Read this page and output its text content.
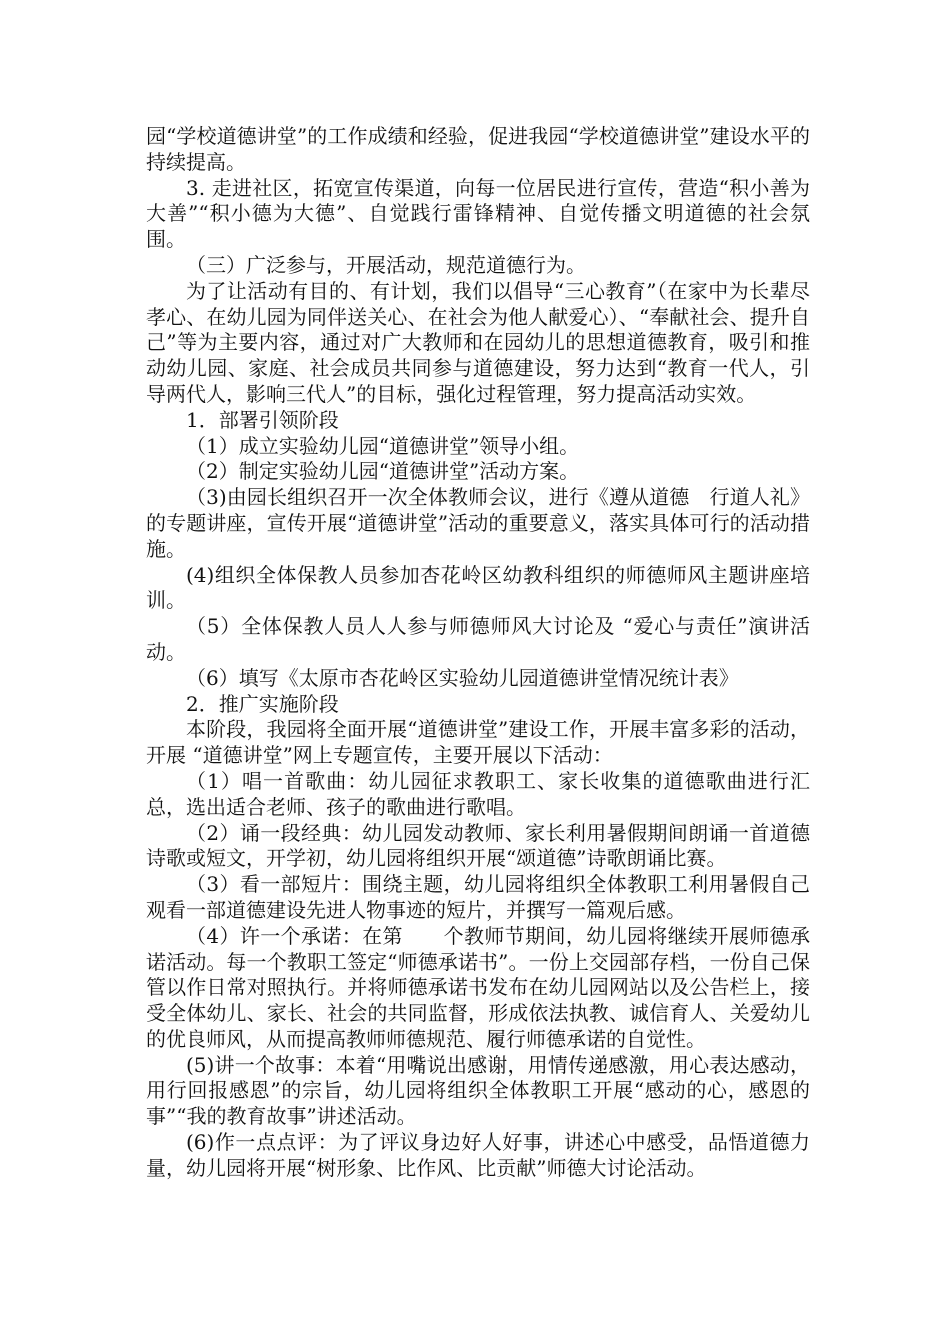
园“学校道德讲堂”的工作成绩和经验，促进我园“学校道德讲堂”建设水平的持续提高。

3. 走进社区，拓宽宣传渠道，向每一位居民进行宣传，营造“积小善为大善”“积小德为大德”、自觉践行雷锋精神、自觉传播文明道德的社会氛围。

（三）广泛参与，开展活动，规范道德行为。

为了让活动有目的、有计划，我们以倡导“三心教育”（在家中为长辈尽孝心、在幼儿园为同伴送关心、在社会为他人献爱心）、“奉献社会、提升自己”等为主要内容，通过对广大教师和在园幼儿的思想道德教育，吸引和推动幼儿园、家庭、社会成员共同参与道德建设，努力达到“教育一代人，引导两代人，影响三代人”的目标，强化过程管理，努力提高活动实效。

1．部署引领阶段

（1）成立实验幼儿园“道德讲堂”领导小组。

（2）制定实验幼儿园“道德讲堂”活动方案。

（3)由园长组织召开一次全体教师会议，进行《遵从道德　行道人礼》的专题讲座，宣传开展“道德讲堂”活动的重要意义，落实具体可行的活动措施。

(4)组织全体保教人员参加杏花岭区幼教科组织的师德师风主题讲座培训。

（5）全体保教人员人人参与师德师风大讨论及 “爱心与责任”演讲活动。

（6）填写《太原市杏花岭区实验幼儿园道德讲堂情况统计表》

2．推广实施阶段

本阶段，我园将全面开展“道德讲堂”建设工作，开展丰富多彩的活动，开展 “道德讲堂”网上专题宣传，主要开展以下活动：

（1）唱一首歌曲：幼儿园征求教职工、家长收集的道德歌曲进行汇总，选出适合老师、孩子的歌曲进行歌唱。

（2）诵一段经典：幼儿园发动教师、家长利用暑假期间朗诵一首道德诗歌或短文，开学初，幼儿园将组织开展“颂道德”诗歌朗诵比赛。

（3）看一部短片：围绕主题，幼儿园将组织全体教职工利用暑假自己观看一部道德建设先进人物事迹的短片，并撰写一篇观后感。

（4）许一个承诺：在第　　个教师节期间，幼儿园将继续开展师德承诺活动。每一个教职工签定“师德承诺书”。一份上交园部存档，一份自己保管以作日常对照执行。并将师德承诺书发布在幼儿园网站以及公告栏上，接受全体幼儿、家长、社会的共同监督，形成依法执教、诚信育人、关爱幼儿的优良师风，从而提高教师师德规范、履行师德承诺的自觉性。

(5)讲一个故事：本着“用嘴说出感谢，用情传递感激，用心表达感动，用行回报感恩”的宗旨，幼儿园将组织全体教职工开展“感动的心，感恩的事”“我的教育故事”讲述活动。

(6)作一点点评：为了评议身边好人好事，讲述心中感受，品悟道德力量，幼儿园将开展“树形象、比作风、比贡献”师德大讨论活动。
